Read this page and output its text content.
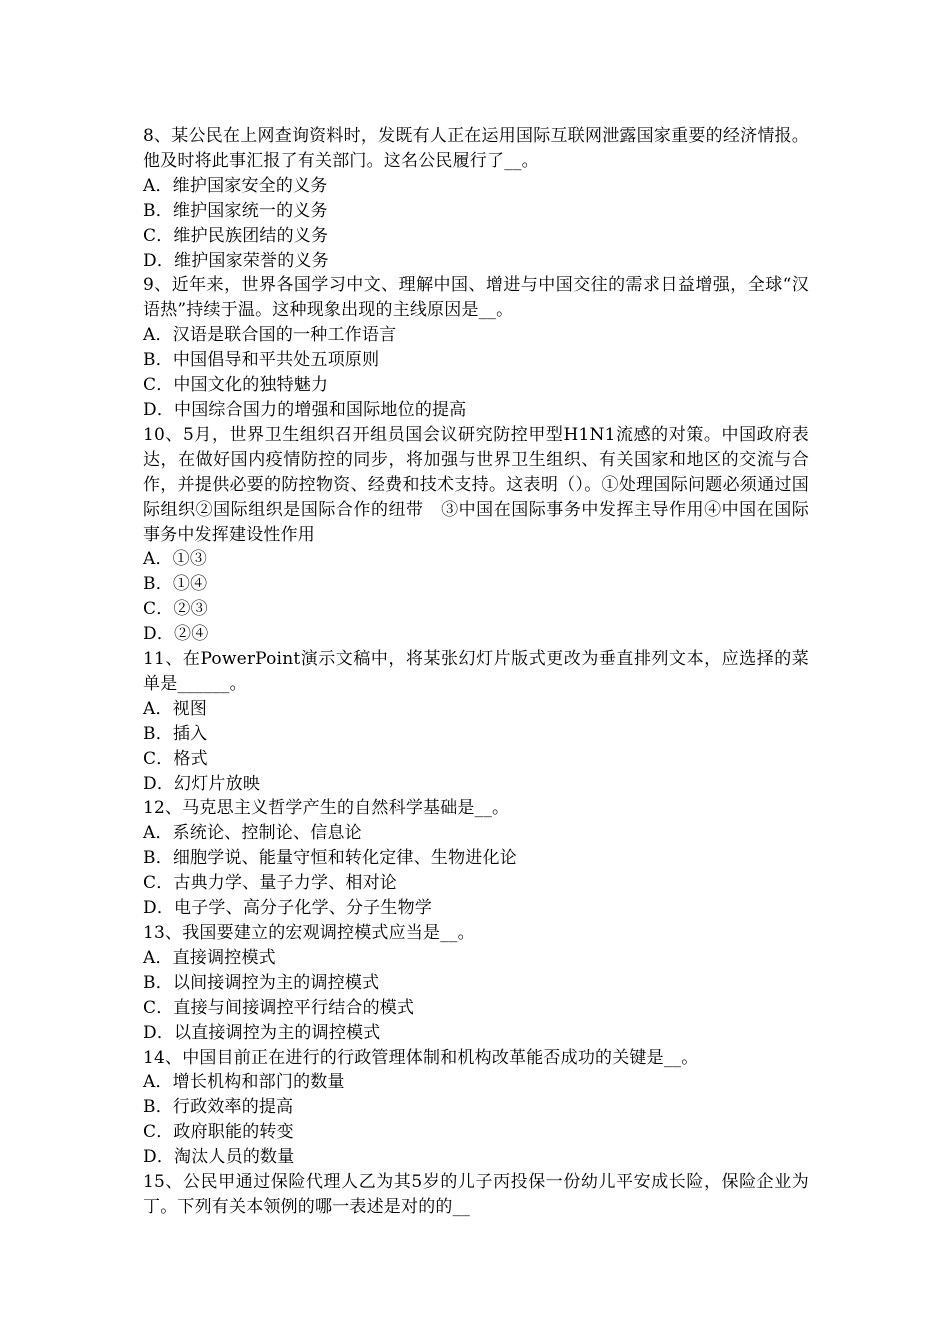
8、某公民在上网查询资料时，发既有人正在运用国际互联网泄露国家重要的经济情报。他及时将此事汇报了有关部门。这名公民履行了__。

A．维护国家安全的义务

B．维护国家统一的义务

C．维护民族团结的义务

D．维护国家荣誉的义务

9、近年来，世界各国学习中文、理解中国、增进与中国交往的需求日益增强，全球“汉语热”持续于温。这种现象出现的主线原因是__。

A．汉语是联合国的一种工作语言

B．中国倡导和平共处五项原则

C．中国文化的独特魅力

D．中国综合国力的增强和国际地位的提高

10、5月，世界卫生组织召开组员国会议研究防控甲型H1N1流感的对策。中国政府表达，在做好国内疫情防控的同步，将加强与世界卫生组织、有关国家和地区的交流与合作，并提供必要的防控物资、经费和技术支持。这表明（）。①处理国际问题必须通过国际组织②国际组织是国际合作的纽带　③中国在国际事务中发挥主导作用④中国在国际事务中发挥建设性作用

A．①③

B．①④

C．②③

D．②④

11、在PowerPoint演示文稿中，将某张幻灯片版式更改为垂直排列文本，应选择的菜单是______。

A．视图

B．插入

C．格式

D．幻灯片放映

12、马克思主义哲学产生的自然科学基础是__。

A．系统论、控制论、信息论

B．细胞学说、能量守恒和转化定律、生物进化论

C．古典力学、量子力学、相对论

D．电子学、高分子化学、分子生物学

13、我国要建立的宏观调控模式应当是__。

A．直接调控模式

B．以间接调控为主的调控模式

C．直接与间接调控平行结合的模式

D．以直接调控为主的调控模式

14、中国目前正在进行的行政管理体制和机构改革能否成功的关键是__。

A．增长机构和部门的数量

B．行政效率的提高

C．政府职能的转变

D．淘汰人员的数量

15、公民甲通过保险代理人乙为其5岁的儿子丙投保一份幼儿平安成长险，保险企业为丁。下列有关本领例的哪一表述是对的的__
